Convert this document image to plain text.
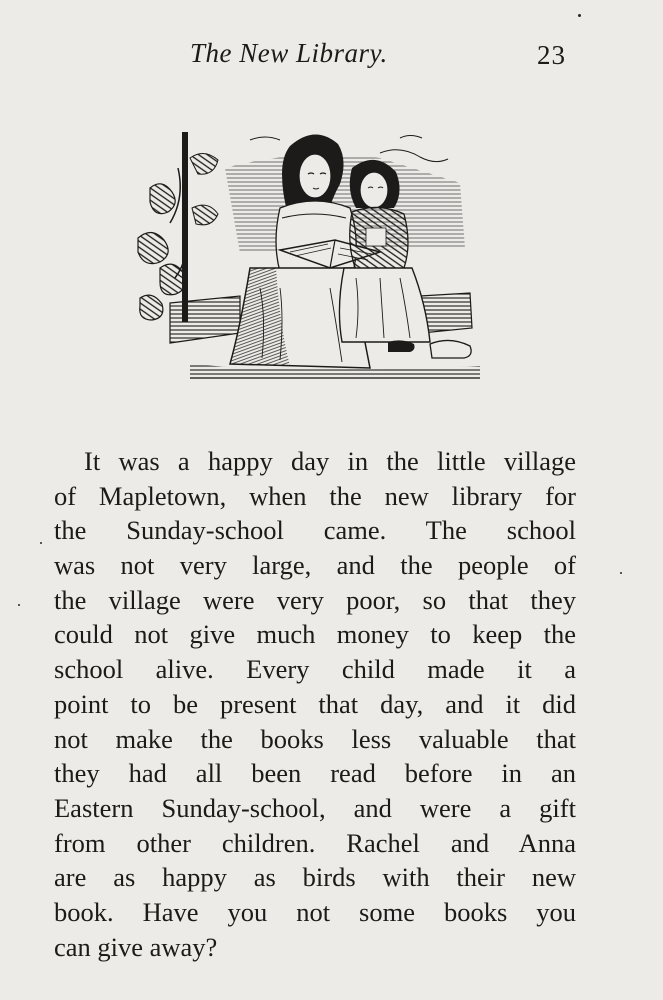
The New Library.	23
It was a happy day in the little village
of Mapletown, when the new library for
the Sunday-school came. The school
was not very large, and the people of
the village were very poor, so that they
could not give much money to keep the
school alive. Every child made it a
point to be present that day, and it did
not make the books less valuable that
they had all been read before in an
Eastern Sunday-school, and were a gift
from other children. Rachel and Anna
are as happy as birds with their new
book. Have you not some books you
can give away?
